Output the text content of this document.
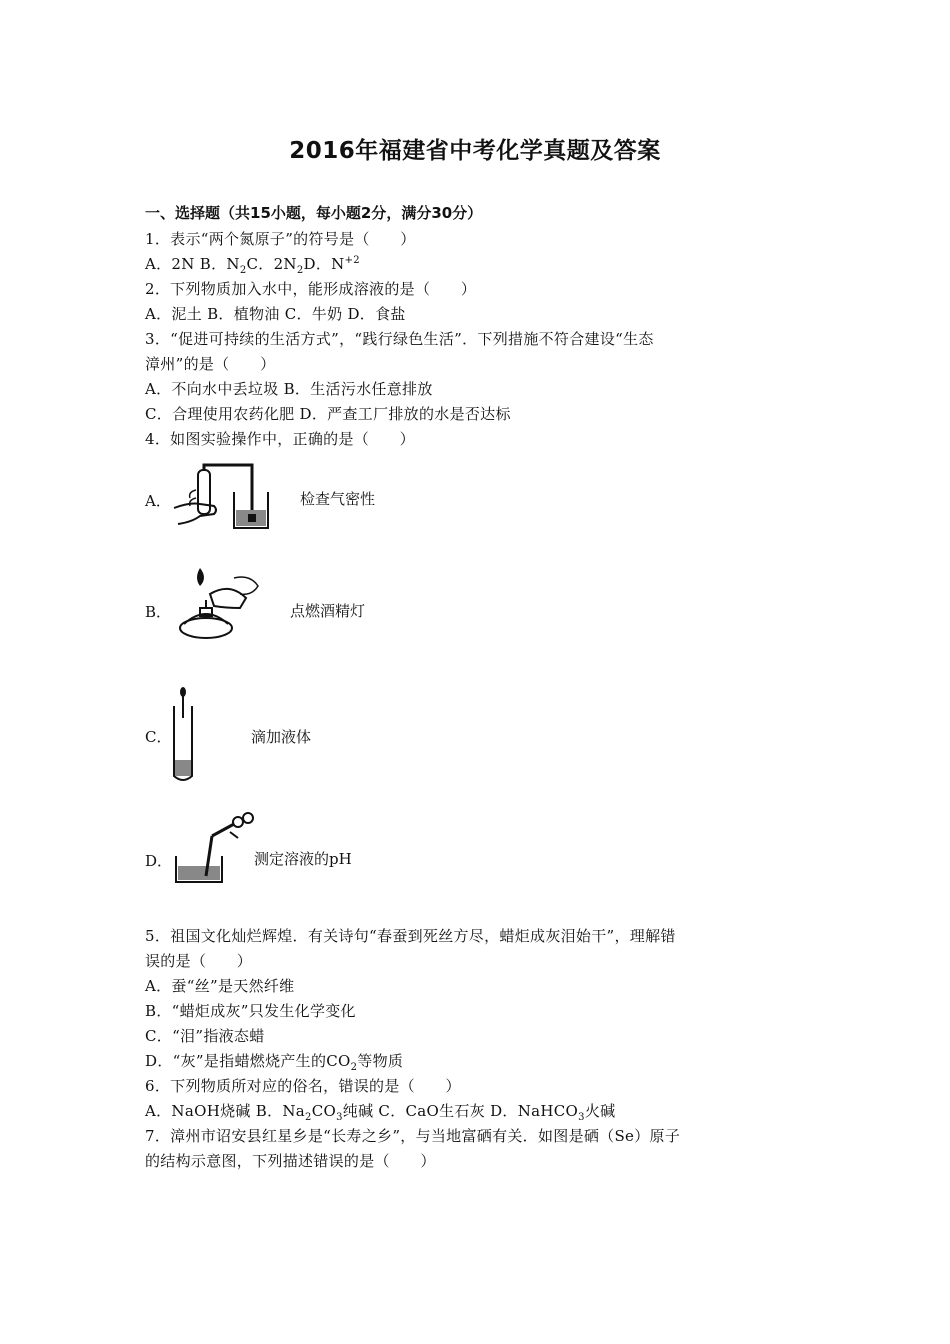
2016年福建省中考化学真题及答案
一、选择题（共15小题，每小题2分，满分30分）
1．表示“两个氮原子”的符号是（　　）
A．2N B．$N_2C$．$2N_2D$．$N^{+2}$
2．下列物质加入水中，能形成溶液的是（　　）
A．泥土 B．植物油 C．牛奶 D．食盐
3．“促进可持续的生活方式”，“践行绿色生活”．下列措施不符合建设“生态
漳州”的是（　　）
A．不向水中丢垃圾 B．生活污水任意排放
C．合理使用农药化肥 D．严查工厂排放的水是否达标
4．如图实验操作中，正确的是（　　）
A．	检查气密性
B．	点燃酒精灯
C．	滴加液体
D．	测定溶液的pH
5．祖国文化灿烂辉煌．有关诗句“春蚕到死丝方尽，蜡炬成灰泪始干”，理解错
误的是（　　）
A．蚕“丝”是天然纤维
B．“蜡炬成灰”只发生化学变化
C．“泪”指液态蜡
D．“灰”是指蜡燃烧产生的$CO_2$等物质
6．下列物质所对应的俗名，错误的是（　　）
A．NaOH烧碱 B．$Na_2CO_3$纯碱 C．CaO生石灰 D．NaHCO$_3$火碱
7．漳州市诏安县红星乡是“长寿之乡”，与当地富硒有关．如图是硒（Se）原子
的结构示意图，下列描述错误的是（　　）
